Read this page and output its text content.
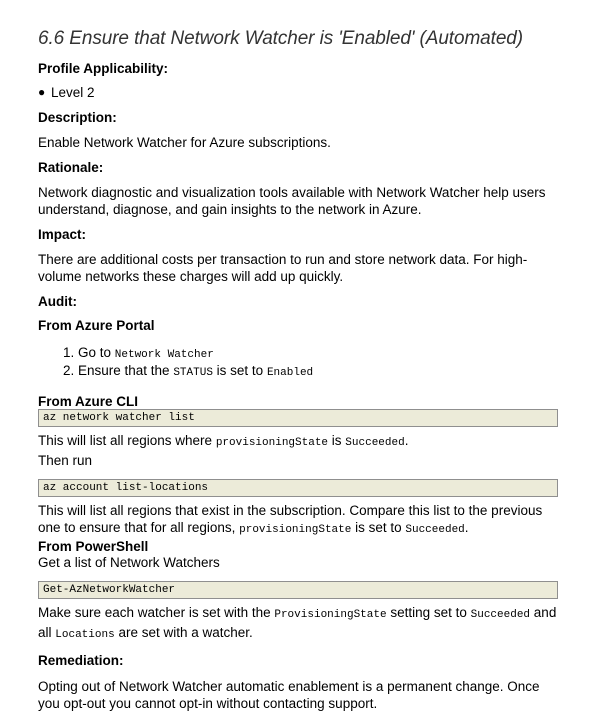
6.6 Ensure that Network Watcher is 'Enabled' (Automated)
Profile Applicability:
● Level 2
Description:

Enable Network Watcher for Azure subscriptions.

Rationale:

Network diagnostic and visualization tools available with Network Watcher help users understand, diagnose, and gain insights to the network in Azure.

Impact:

There are additional costs per transaction to run and store network data. For high-volume networks these charges will add up quickly.

Audit:
From Azure Portal
1. Go to Network Watcher
2. Ensure that the STATUS is set to Enabled
From Azure CLI
az network watcher list

This will list all regions where provisioningState is Succeeded.

Then run

az account list-locations

This will list all regions that exist in the subscription. Compare this list to the previous one to ensure that for all regions, provisioningState is set to Succeeded.

From PowerShell

Get a list of Network Watchers

Get-AzNetworkWatcher

Make sure each watcher is set with the ProvisioningState setting set to Succeeded and all Locations are set with a watcher.

Remediation:

Opting out of Network Watcher automatic enablement is a permanent change. Once you opt-out you cannot opt-in without contacting support.
